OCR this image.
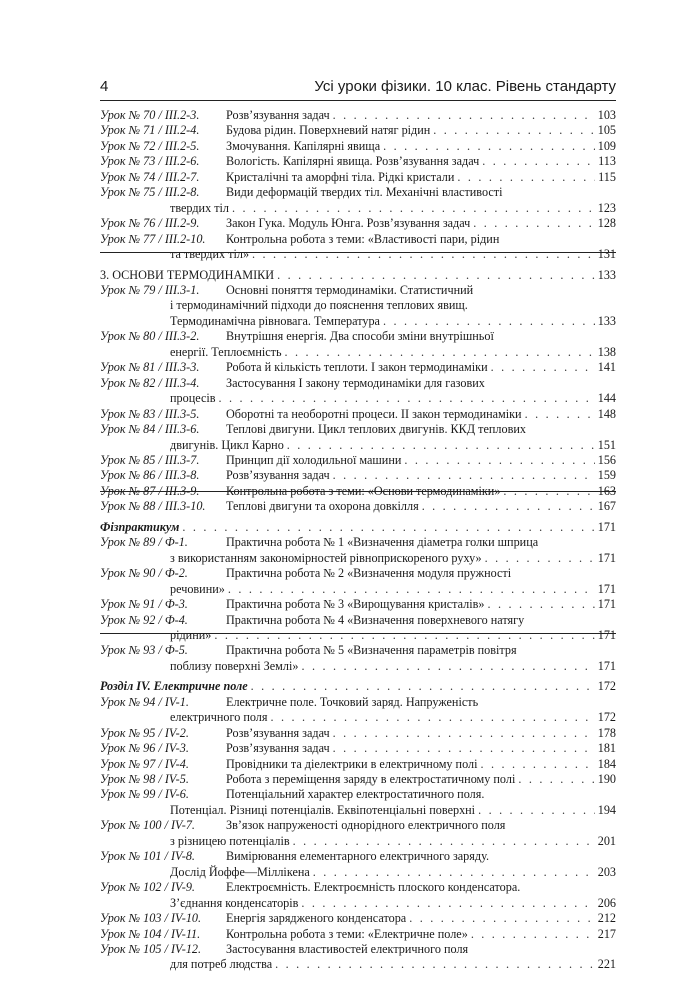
4	Усі уроки фізики. 10 клас. Рівень стандарту
Урок № 70 / ІІІ.2-3.	Розв’язування задач . . .	103
Урок № 71 / ІІІ.2-4.	Будова рідин. Поверхневий натяг рідин . . .	105
Урок № 72 / ІІІ.2-5.	Змочування. Капілярні явища . . .	109
Урок № 73 / ІІІ.2-6.	Вологість. Капілярні явища. Розв’язування задач . . .	113
Урок № 74 / ІІІ.2-7.	Кристалічні та аморфні тіла. Рідкі кристали . . .	115
Урок № 75 / ІІІ.2-8.	Види деформацій твердих тіл. Механічні властивості
твердих тіл . . .	123
Урок № 76 / ІІІ.2-9.	Закон Гука. Модуль Юнга. Розв’язування задач . . .	128
Урок № 77 / ІІІ.2-10.	Контрольна робота з теми: «Властивості пари, рідин
та твердих тіл» . . .	131
3. ОСНОВИ ТЕРМОДИНАМІКИ . . .	133
Урок № 79 / ІІІ.3-1.	Основні поняття термодинаміки. Статистичний
і термодинамічний підходи до пояснення теплових явищ.
Термодинамічна рівновага. Температура . . .	133
Урок № 80 / ІІІ.3-2.	Внутрішня енергія. Два способи зміни внутрішньої
енергії. Теплоємність . . .	138
Урок № 81 / ІІІ.3-3.	Робота й кількість теплоти. I закон термодинаміки . . .	141
Урок № 82 / ІІІ.3-4.	Застосування I закону термодинаміки для газових
процесів . . .	144
Урок № 83 / ІІІ.3-5.	Оборотні та необоротні процеси. II закон термодинаміки . . .	148
Урок № 84 / ІІІ.3-6.	Теплові двигуни. Цикл теплових двигунів. ККД теплових
двигунів. Цикл Карно . . .	151
Урок № 85 / ІІІ.3-7.	Принцип дії холодильної машини . . .	156
Урок № 86 / ІІІ.3-8.	Розв’язування задач . . .	159
Урок № 87 / ІІІ.3-9.	Контрольна робота з теми: «Основи термодинаміки» . . .	163
Урок № 88 / ІІІ.3-10.	Теплові двигуни та охорона довкілля . . .	167
Фізпрактикум . . .	171
Урок № 89 / Ф-1.	Практична робота № 1 «Визначення діаметра голки шприца
з використанням закономірностей рівноприскореного руху» . . .	171
Урок № 90 / Ф-2.	Практична робота № 2 «Визначення модуля пружності
речовини» . . .	171
Урок № 91 / Ф-3.	Практична робота № 3 «Вирощування кристалів» . . .	171
Урок № 92 / Ф-4.	Практична робота № 4 «Визначення поверхневого натягу
рідини» . . .	171
Урок № 93 / Ф-5.	Практична робота № 5 «Визначення параметрів повітря
поблизу поверхні Землі» . . .	171
Розділ IV. Електричне поле . . .	172
Урок № 94 / IV-1.	Електричне поле. Точковий заряд. Напруженість
електричного поля . . .	172
Урок № 95 / IV-2.	Розв’язування задач . . .	178
Урок № 96 / IV-3.	Розв’язування задач . . .	181
Урок № 97 / IV-4.	Провідники та діелектрики в електричному полі . . .	184
Урок № 98 / IV-5.	Робота з переміщення заряду в електростатичному полі . . .	190
Урок № 99 / IV-6.	Потенціальний характер електростатичного поля.
Потенціал. Різниці потенціалів. Еквіпотенціальні поверхні . . .	194
Урок № 100 / IV-7.	Зв’язок напруженості однорідного електричного поля
з різницею потенціалів . . .	201
Урок № 101 / IV-8.	Вимірювання елементарного електричного заряду.
Дослід Йоффе—Міллікена . . .	203
Урок № 102 / IV-9.	Електроємність. Електроємність плоского конденсатора.
З’єднання конденсаторів . . .	206
Урок № 103 / IV-10.	Енергія зарядженого конденсатора . . .	212
Урок № 104 / IV-11.	Контрольна робота з теми: «Електричне поле» . . .	217
Урок № 105 / IV-12.	Застосування властивостей електричного поля
для потреб людства . . .	221
